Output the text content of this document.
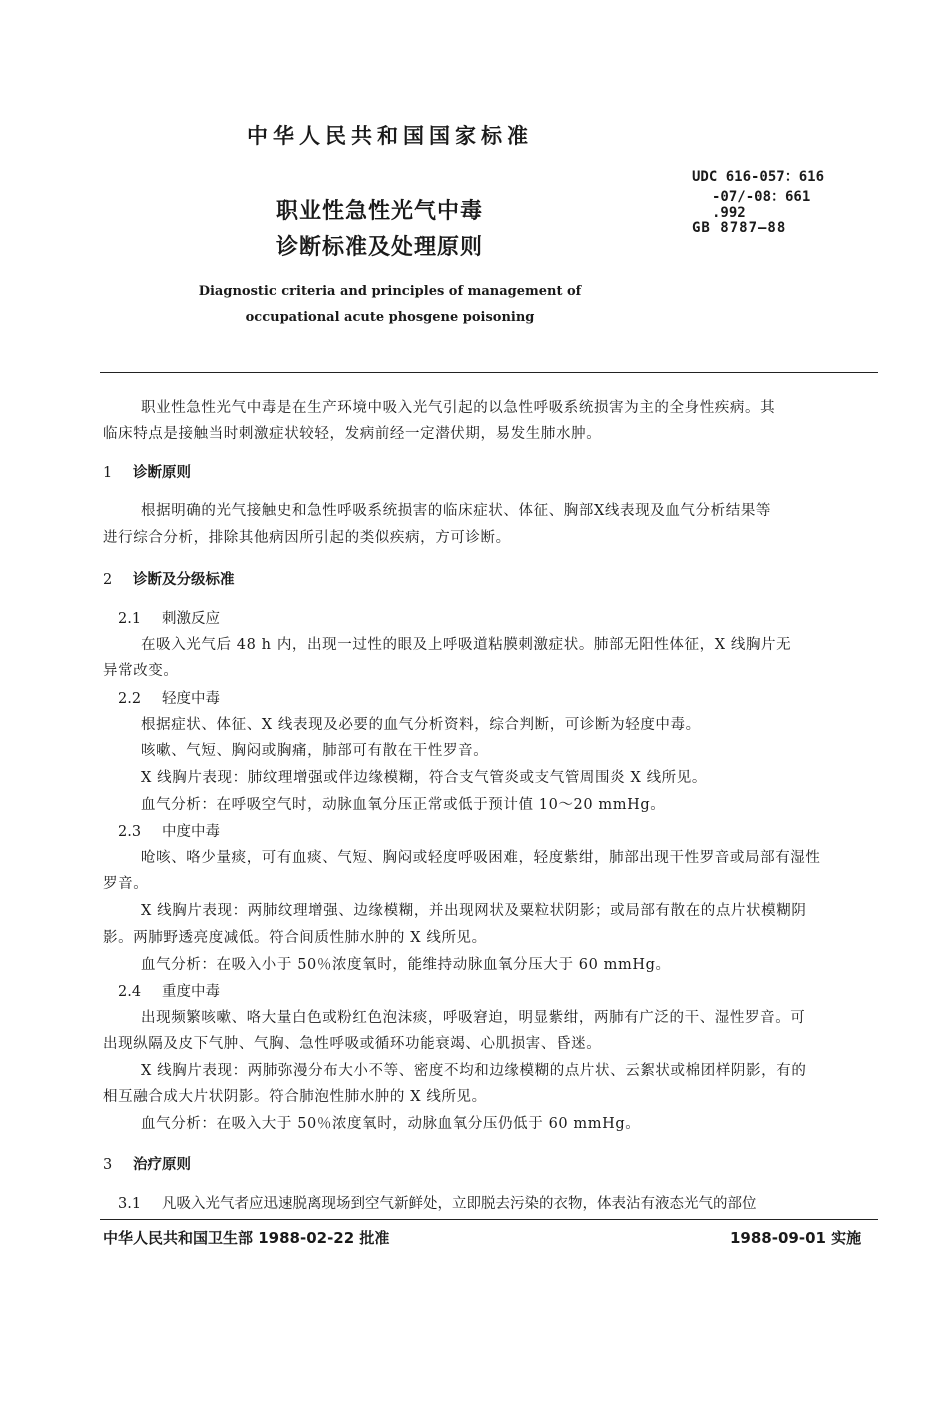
中华人民共和国国家标准
职业性急性光气中毒
诊断标准及处理原则
UDC 616-057：616
-07/-08：661
.992
GB 8787—88
Diagnostic criteria and principles of management of
occupational acute phosgene poisoning
职业性急性光气中毒是在生产环境中吸入光气引起的以急性呼吸系统损害为主的全身性疾病。其
临床特点是接触当时刺激症状较轻，发病前经一定潜伏期，易发生肺水肿。
1 诊断原则
根据明确的光气接触史和急性呼吸系统损害的临床症状、体征、胸部X线表现及血气分析结果等
进行综合分析，排除其他病因所引起的类似疾病，方可诊断。
2 诊断及分级标准
2.1 刺激反应
在吸入光气后 48 h 内，出现一过性的眼及上呼吸道粘膜刺激症状。肺部无阳性体征，X 线胸片无
异常改变。
2.2 轻度中毒
根据症状、体征、X 线表现及必要的血气分析资料，综合判断，可诊断为轻度中毒。
咳嗽、气短、胸闷或胸痛，肺部可有散在干性罗音。
X 线胸片表现：肺纹理增强或伴边缘模糊，符合支气管炎或支气管周围炎 X 线所见。
血气分析：在呼吸空气时，动脉血氧分压正常或低于预计值 10～20 mmHg。
2.3 中度中毒
呛咳、咯少量痰，可有血痰、气短、胸闷或轻度呼吸困难，轻度紫绀，肺部出现干性罗音或局部有湿性
罗音。
X 线胸片表现：两肺纹理增强、边缘模糊，并出现网状及粟粒状阴影；或局部有散在的点片状模糊阴
影。两肺野透亮度减低。符合间质性肺水肿的 X 线所见。
血气分析：在吸入小于 50％浓度氧时，能维持动脉血氧分压大于 60 mmHg。
2.4 重度中毒
出现频繁咳嗽、咯大量白色或粉红色泡沫痰，呼吸窘迫，明显紫绀，两肺有广泛的干、湿性罗音。可
出现纵隔及皮下气肿、气胸、急性呼吸或循环功能衰竭、心肌损害、昏迷。
X 线胸片表现：两肺弥漫分布大小不等、密度不均和边缘模糊的点片状、云絮状或棉团样阴影，有的
相互融合成大片状阴影。符合肺泡性肺水肿的 X 线所见。
血气分析：在吸入大于 50％浓度氧时，动脉血氧分压仍低于 60 mmHg。
3 治疗原则
3.1 凡吸入光气者应迅速脱离现场到空气新鲜处，立即脱去污染的衣物，体表沾有液态光气的部位
中华人民共和国卫生部 1988-02-22 批准	1988-09-01 实施
